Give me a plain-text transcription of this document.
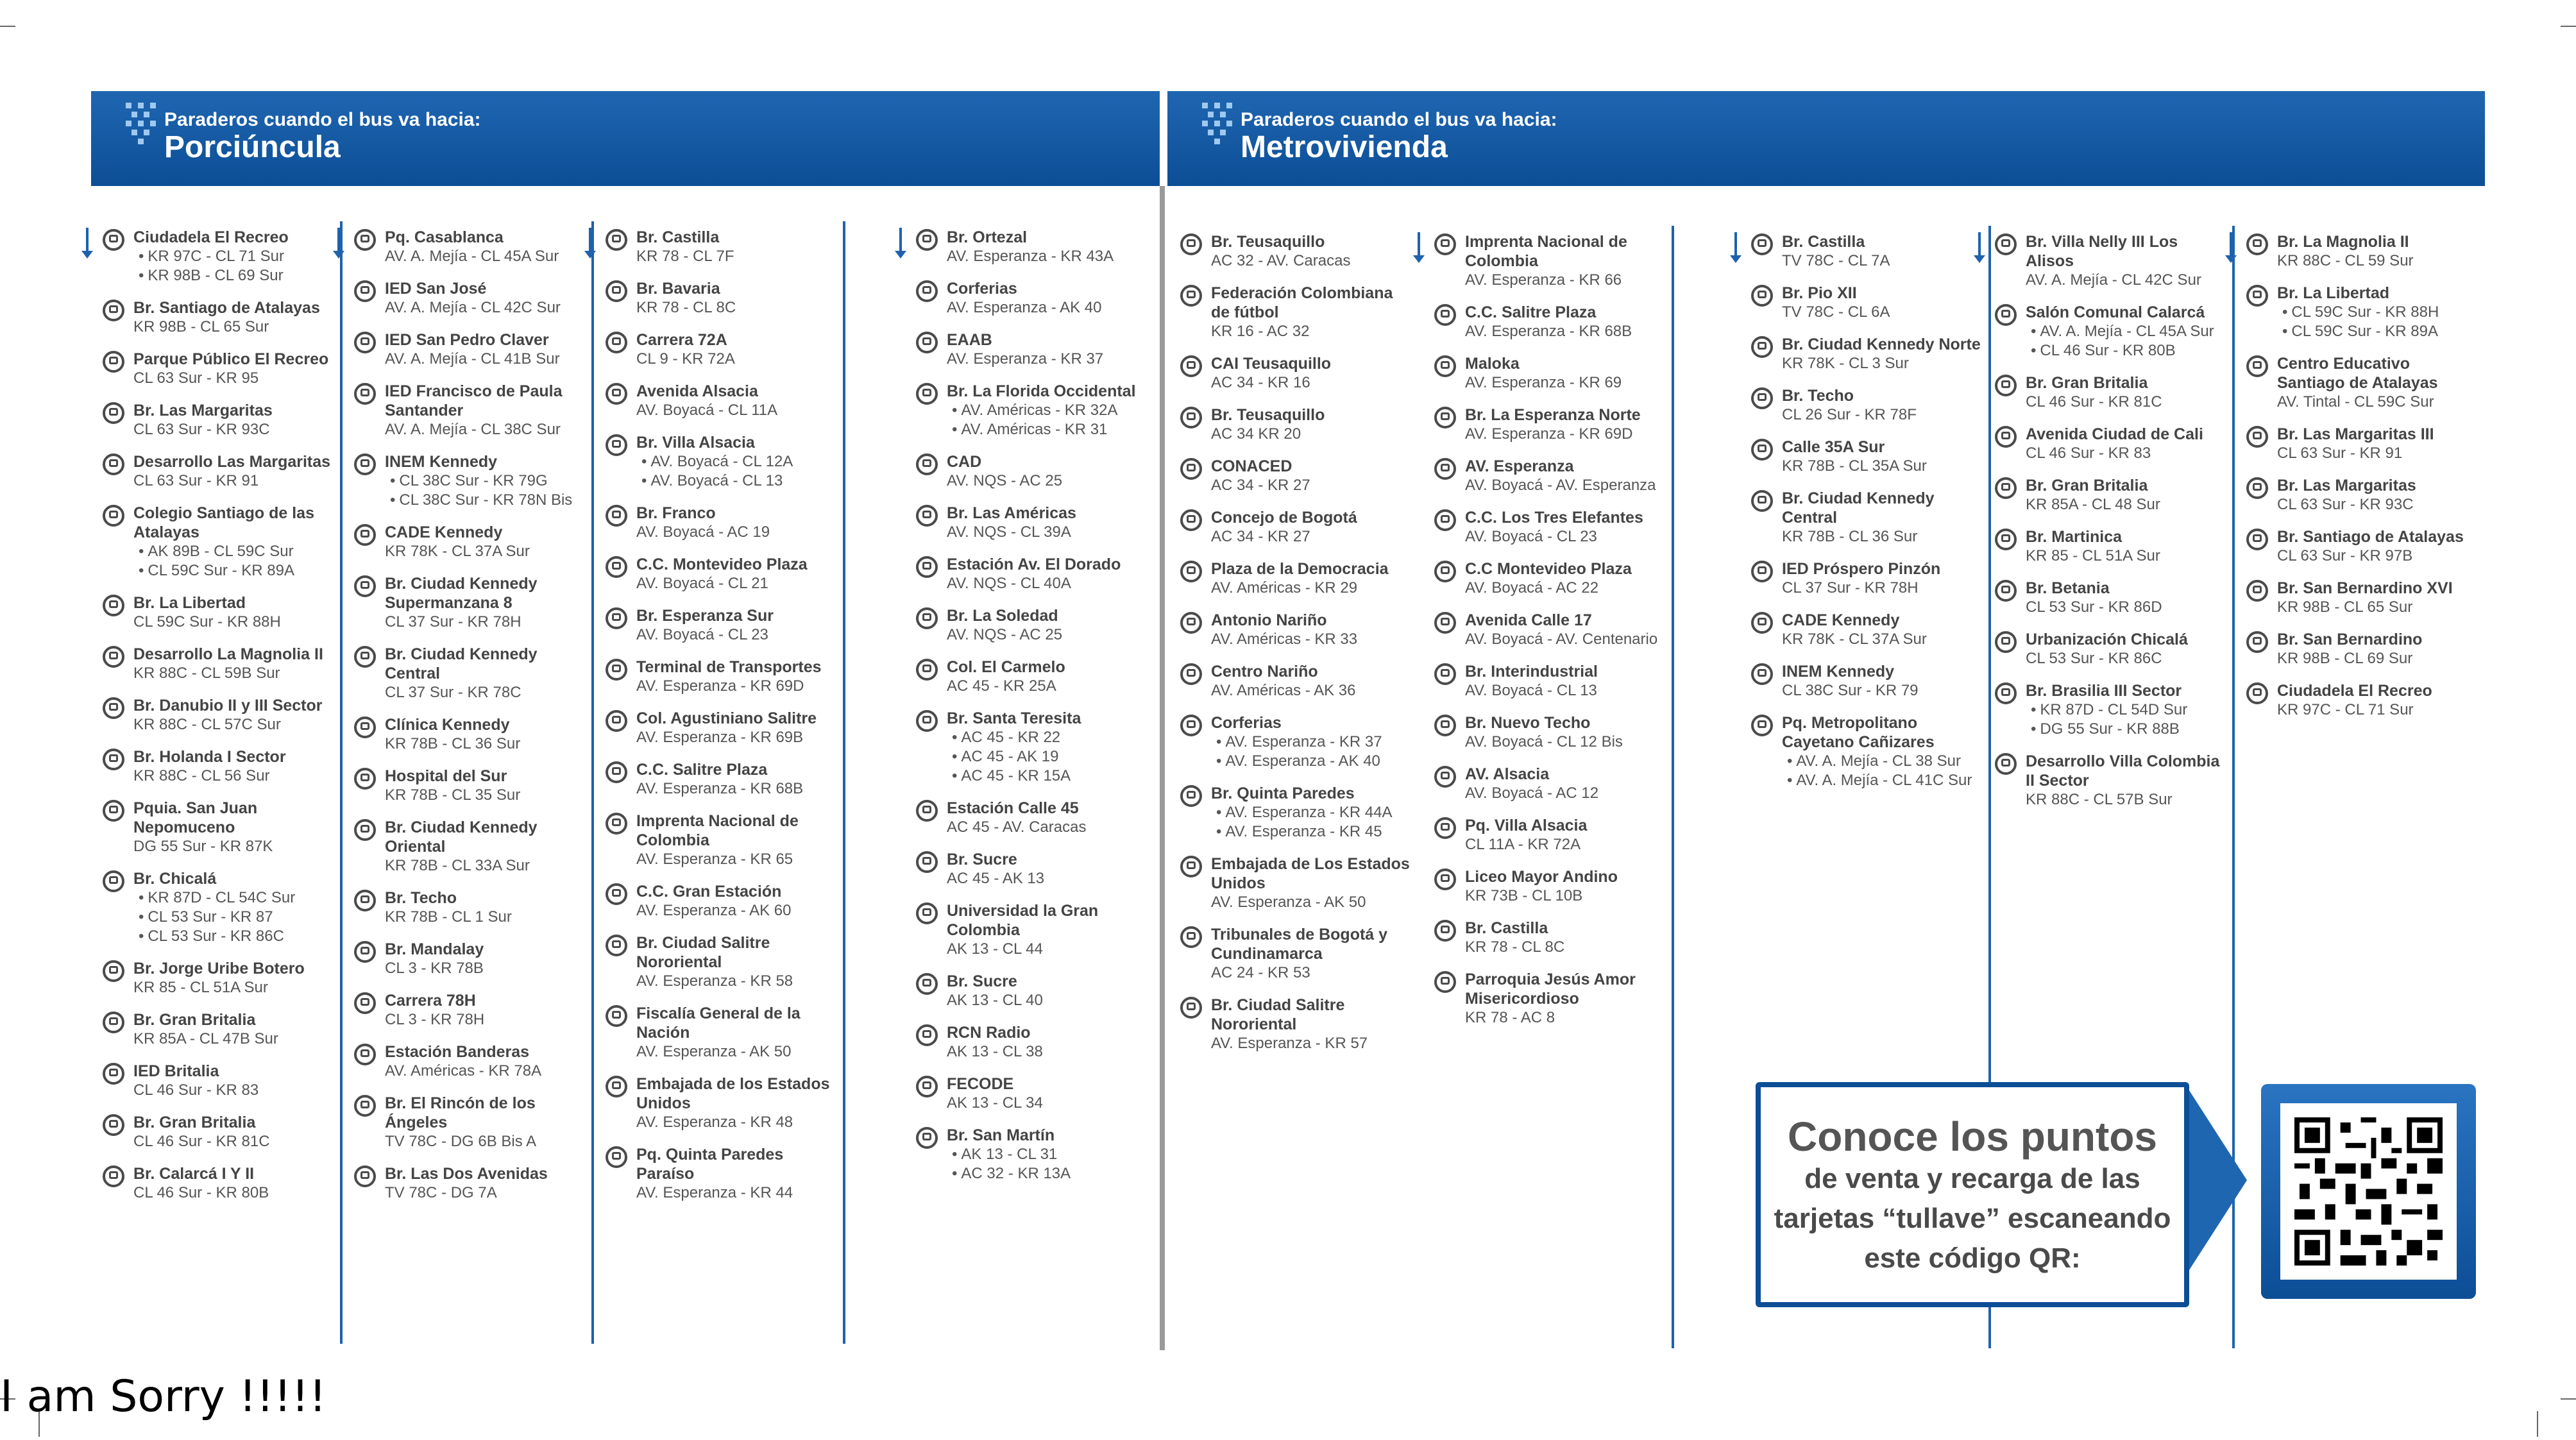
Paraderos cuando el bus va hacia:
Porciúncula
Paraderos cuando el bus va hacia:
Metrovivienda
Ciudadela El Recreo
• KR 97C - CL 71 Sur
• KR 98B - CL 69 Sur
Br. Santiago de Atalayas
KR 98B - CL 65 Sur
Parque Público El Recreo
CL 63 Sur - KR 95
Br. Las Margaritas
CL 63 Sur - KR 93C
Desarrollo Las Margaritas
CL 63 Sur - KR 91
Colegio Santiago de las Atalayas
• AK 89B - CL 59C Sur
• CL 59C Sur - KR 89A
Br. La Libertad
CL 59C Sur - KR 88H
Desarrollo La Magnolia II
KR 88C - CL 59B Sur
Br. Danubio II y III Sector
KR 88C - CL 57C Sur
Br. Holanda I Sector
KR 88C - CL 56 Sur
Pquia. San Juan Nepomuceno
DG 55 Sur - KR 87K
Br. Chicalá
• KR 87D - CL 54C Sur
• CL 53 Sur - KR 87
• CL 53 Sur - KR 86C
Br. Jorge Uribe Botero
KR 85 - CL 51A Sur
Br. Gran Britalia
KR 85A - CL 47B Sur
IED Britalia
CL 46 Sur - KR 83
Br. Gran Britalia
CL 46 Sur - KR 81C
Br. Calarcá I Y II
CL 46 Sur - KR 80B
Pq. Casablanca
AV. A. Mejía - CL 45A Sur
IED San José
AV. A. Mejía - CL 42C Sur
IED San Pedro Claver
AV. A. Mejía - CL 41B Sur
IED Francisco de Paula Santander
AV. A. Mejía - CL 38C Sur
INEM Kennedy
• CL 38C Sur - KR 79G
• CL 38C Sur - KR 78N Bis
CADE Kennedy
KR 78K - CL 37A Sur
Br. Ciudad Kennedy Supermanzana 8
CL 37 Sur - KR 78H
Br. Ciudad Kennedy Central
CL 37 Sur - KR 78C
Clínica Kennedy
KR 78B - CL 36 Sur
Hospital del Sur
KR 78B - CL 35 Sur
Br. Ciudad Kennedy Oriental
KR 78B - CL 33A Sur
Br. Techo
KR 78B - CL 1 Sur
Br. Mandalay
CL 3 - KR 78B
Carrera 78H
CL 3 - KR 78H
Estación Banderas
AV. Américas - KR 78A
Br. El Rincón de los Ángeles
TV 78C - DG 6B Bis A
Br. Las Dos Avenidas
TV 78C - DG 7A
Br. Castilla
KR 78 - CL 7F
Br. Bavaria
KR 78 - CL 8C
Carrera 72A
CL 9 - KR 72A
Avenida Alsacia
AV. Boyacá - CL 11A
Br. Villa Alsacia
• AV. Boyacá - CL 12A
• AV. Boyacá - CL 13
Br. Franco
AV. Boyacá - AC 19
C.C. Montevideo Plaza
AV. Boyacá - CL 21
Br. Esperanza Sur
AV. Boyacá - CL 23
Terminal de Transportes
AV. Esperanza - KR 69D
Col. Agustiniano Salitre
AV. Esperanza - KR 69B
C.C. Salitre Plaza
AV. Esperanza - KR 68B
Imprenta Nacional de Colombia
AV. Esperanza - KR 65
C.C. Gran Estación
AV. Esperanza - AK 60
Br. Ciudad Salitre Nororiental
AV. Esperanza - KR 58
Fiscalía General de la Nación
AV. Esperanza - AK 50
Embajada de los Estados Unidos
AV. Esperanza - KR 48
Pq. Quinta Paredes Paraíso
AV. Esperanza - KR 44
Br. Ortezal
AV. Esperanza - KR 43A
Corferias
AV. Esperanza - AK 40
EAAB
AV. Esperanza - KR 37
Br. La Florida Occidental
• AV. Américas - KR 32A
• AV. Américas - KR 31
CAD
AV. NQS - AC 25
Br. Las Américas
AV. NQS - CL 39A
Estación Av. El Dorado
AV. NQS - CL 40A
Br. La Soledad
AV. NQS - AC 25
Col. El Carmelo
AC 45 - KR 25A
Br. Santa Teresita
• AC 45 - KR 22
• AC 45 - AK 19
• AC 45 - KR 15A
Estación Calle 45
AC 45 - AV. Caracas
Br. Sucre
AC 45 - AK 13
Universidad la Gran Colombia
AK 13 - CL 44
Br. Sucre
AK 13 - CL 40
RCN Radio
AK 13 - CL 38
FECODE
AK 13 - CL 34
Br. San Martín
• AK 13 - CL 31
• AC 32 - KR 13A
Br. Teusaquillo
AC 32 - AV. Caracas
Federación Colombiana de fútbol
KR 16 - AC 32
CAI Teusaquillo
AC 34 - KR 16
Br. Teusaquillo
AC 34 KR 20
CONACED
AC 34 - KR 27
Concejo de Bogotá
AC 34 - KR 27
Plaza de la Democracia
AV. Américas - KR 29
Antonio Nariño
AV. Américas - KR 33
Centro Nariño
AV. Américas - AK 36
Corferias
• AV. Esperanza - KR 37
• AV. Esperanza - AK 40
Br. Quinta Paredes
• AV. Esperanza - KR 44A
• AV. Esperanza - KR 45
Embajada de Los Estados Unidos
AV. Esperanza - AK 50
Tribunales de Bogotá y Cundinamarca
AC 24 - KR 53
Br. Ciudad Salitre Nororiental
AV. Esperanza - KR 57
Imprenta Nacional de Colombia
AV. Esperanza - KR 66
C.C. Salitre Plaza
AV. Esperanza - KR 68B
Maloka
AV. Esperanza - KR 69
Br. La Esperanza Norte
AV. Esperanza - KR 69D
AV. Esperanza
AV. Boyacá - AV. Esperanza
C.C. Los Tres Elefantes
AV. Boyacá - CL 23
C.C Montevideo Plaza
AV. Boyacá - AC 22
Avenida Calle 17
AV. Boyacá - AV. Centenario
Br. Interindustrial
AV. Boyacá - CL 13
Br. Nuevo Techo
AV. Boyacá - CL 12 Bis
AV. Alsacia
AV. Boyacá - AC 12
Pq. Villa Alsacia
CL 11A - KR 72A
Liceo Mayor Andino
KR 73B - CL 10B
Br. Castilla
KR 78 - CL 8C
Parroquia Jesús Amor Misericordioso
KR 78 - AC 8
Br. Castilla
TV 78C - CL 7A
Br. Pio XII
TV 78C - CL 6A
Br. Ciudad Kennedy Norte
KR 78K - CL 3 Sur
Br. Techo
CL 26 Sur - KR 78F
Calle 35A Sur
KR 78B - CL 35A Sur
Br. Ciudad Kennedy Central
KR 78B - CL 36 Sur
IED Próspero Pinzón
CL 37 Sur - KR 78H
CADE Kennedy
KR 78K - CL 37A Sur
INEM Kennedy
CL 38C Sur - KR 79
Pq. Metropolitano Cayetano Cañizares
• AV. A. Mejía - CL 38 Sur
• AV. A. Mejía - CL 41C Sur
Br. Villa Nelly III Los Alisos
AV. A. Mejía - CL 42C Sur
Salón Comunal Calarcá
• AV. A. Mejía - CL 45A Sur
• CL 46 Sur - KR 80B
Br. Gran Britalia
CL 46 Sur - KR 81C
Avenida Ciudad de Cali
CL 46 Sur - KR 83
Br. Gran Britalia
KR 85A - CL 48 Sur
Br. Martinica
KR 85 - CL 51A Sur
Br. Betania
CL 53 Sur - KR 86D
Urbanización Chicalá
CL 53 Sur - KR 86C
Br. Brasilia III Sector
• KR 87D - CL 54D Sur
• DG 55 Sur - KR 88B
Desarrollo Villa Colombia II Sector
KR 88C - CL 57B Sur
Br. La Magnolia II
KR 88C - CL 59 Sur
Br. La Libertad
• CL 59C Sur - KR 88H
• CL 59C Sur - KR 89A
Centro Educativo Santiago de Atalayas
AV. Tintal - CL 59C Sur
Br. Las Margaritas III
CL 63 Sur - KR 91
Br. Las Margaritas
CL 63 Sur - KR 93C
Br. Santiago de Atalayas
CL 63 Sur - KR 97B
Br. San Bernardino XVI
KR 98B - CL 65 Sur
Br. San Bernardino
KR 98B - CL 69 Sur
Ciudadela El Recreo
KR 97C - CL 71 Sur
Conoce los puntos
de venta y recarga de las
tarjetas “tullave” escaneando
este código QR:
I am Sorry !!!!!
